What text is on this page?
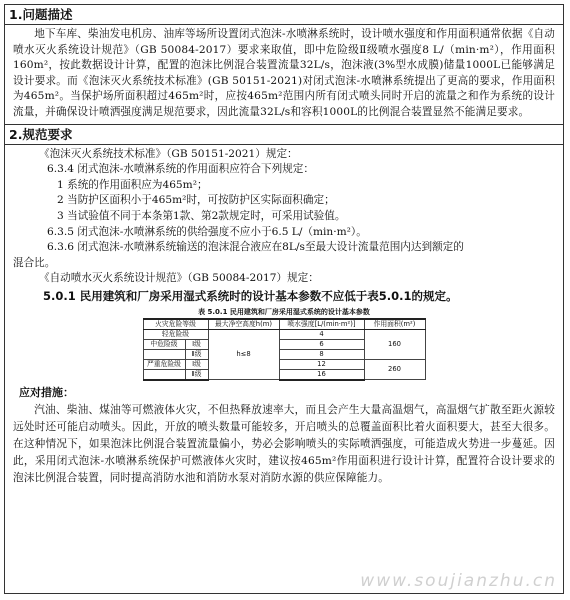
1.问题描述

地下车库、柴油发电机房、油库等场所设置闭式泡沫-水喷淋系统时，设计喷水强度和作用面积通常依据《自动喷水灭火系统设计规范》（GB 50084-2017）要求来取值，即中危险级Ⅱ级喷水强度8 L/（min·m²），作用面积160m²，按此数据设计计算，配置的泡沫比例混合装置流量32L/s，泡沫液(3%型水成膜)储量1000L已能够满足设计要求。而《泡沫灭火系统技术标准》(GB 50151-2021)对闭式泡沫-水喷淋系统提出了更高的要求，作用面积为465m²。当保护场所面积超过465m²时，应按465m²范围内所有闭式喷头同时开启的流量之和作为系统的设计流量，并确保设计喷洒强度满足规范要求，因此流量32L/s和容积1000L的比例混合装置显然不能满足要求。

2.规范要求

《泡沫灭火系统技术标准》（GB 50151-2021）规定：

6.3.4 闭式泡沫-水喷淋系统的作用面积应符合下列规定：

1 系统的作用面积应为465m²；

2 当防护区面积小于465m²时，可按防护区实际面积确定；

3 当试验值不同于本条第1款、第2款规定时，可采用试验值。

6.3.5 闭式泡沫-水喷淋系统的供给强度不应小于6.5 L/（min·m²）。

6.3.6 闭式泡沫-水喷淋系统输送的泡沫混合液应在8L/s至最大设计流量范围内达到额定的

混合比。

《自动喷水灭火系统设计规范》（GB 50084-2017）规定：

5.0.1 民用建筑和厂房采用湿式系统时的设计基本参数不应低于表5.0.1的规定。

表 5.0.1 民用建筑和厂房采用湿式系统的设计基本参数
火灾危险等级	最大净空高度h(m)	喷水强度[L/(min·m²)]	作用面积(m²)
轻危险级	h≤8	4	160

中危险级 Ⅰ级		6	

Ⅱ级		8	

严重危险级 Ⅰ级		12	260

Ⅱ级		16	
应对措施：

汽油、柴油、煤油等可燃液体火灾，不但热释放速率大，而且会产生大量高温烟气，高温烟气扩散至距火源较远处时还可能启动喷头。因此，开放的喷头数量可能较多，开启喷头的总覆盖面积比着火面积要大，甚至大很多。在这种情况下，如果泡沫比例混合装置流量偏小，势必会影响喷头的实际喷洒强度，可能造成火势进一步蔓延。因此，采用闭式泡沫-水喷淋系统保护可燃液体火灾时，建议按465m²作用面积进行设计计算，配置符合设计要求的泡沫比例混合装置，同时提高消防水池和消防水泵对消防水源的供应保障能力。

www.soujianzhu.cn
